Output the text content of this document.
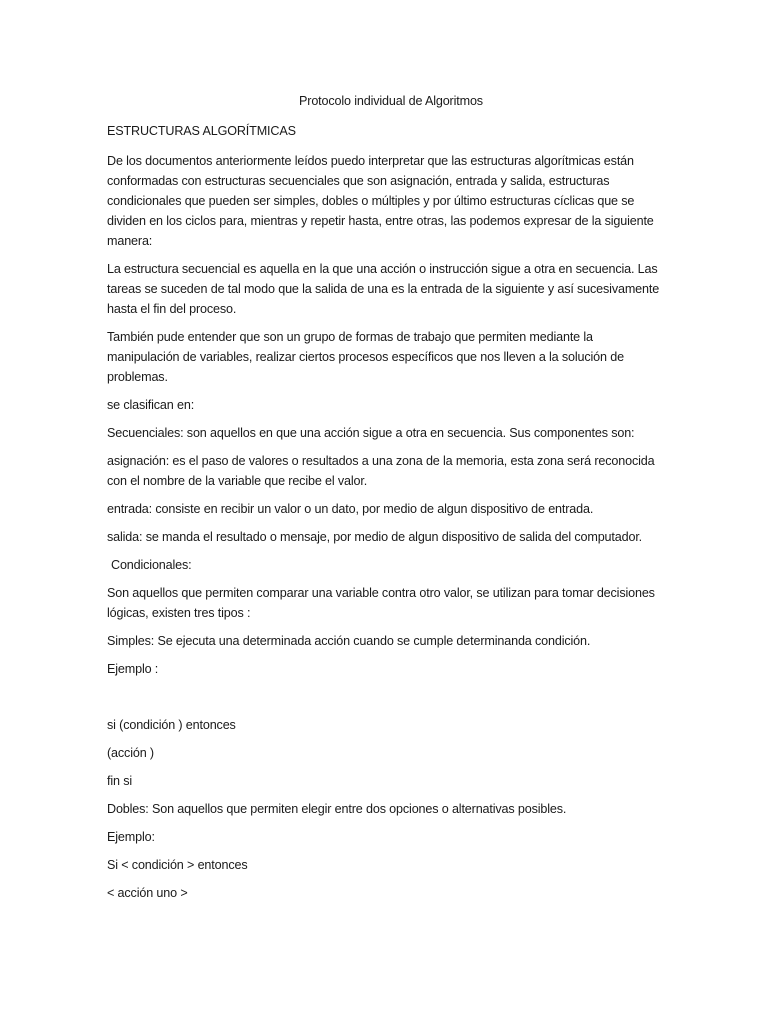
Protocolo individual de Algoritmos

ESTRUCTURAS ALGORÍTMICAS

De los documentos anteriormente leídos puedo interpretar que las estructuras algorítmicas están conformadas con estructuras secuenciales que son asignación, entrada y salida, estructuras condicionales que pueden ser simples, dobles o múltiples y por último estructuras cíclicas que se dividen en los ciclos para, mientras y repetir hasta, entre otras, las podemos expresar de la siguiente manera:

La estructura secuencial es aquella en la que una acción o instrucción sigue a otra en secuencia. Las tareas se suceden de tal modo que la salida de una es la entrada de la siguiente y así sucesivamente hasta el fin del proceso.

También pude entender que son un grupo de formas de trabajo que permiten mediante la manipulación de variables, realizar ciertos procesos específicos que nos lleven a la solución de problemas.

se clasifican en:

Secuenciales: son aquellos en que una acción sigue a otra en secuencia. Sus componentes son:

asignación: es el paso de valores o resultados a una zona de la memoria, esta zona será reconocida con el nombre de la variable que recibe el valor.

entrada: consiste en recibir un valor o un dato, por medio de algun dispositivo de entrada.

salida: se manda el resultado o mensaje, por medio de algun dispositivo de salida del computador.

Condicionales:

Son aquellos que permiten comparar una variable contra otro valor, se utilizan para tomar decisiones lógicas, existen tres tipos :

Simples: Se ejecuta una determinada acción cuando se cumple determinanda condición.

Ejemplo :

si (condición ) entonces

(acción )

fin si

Dobles: Son aquellos que permiten elegir entre dos opciones o alternativas posibles.

Ejemplo:

Si < condición > entonces

< acción uno >
